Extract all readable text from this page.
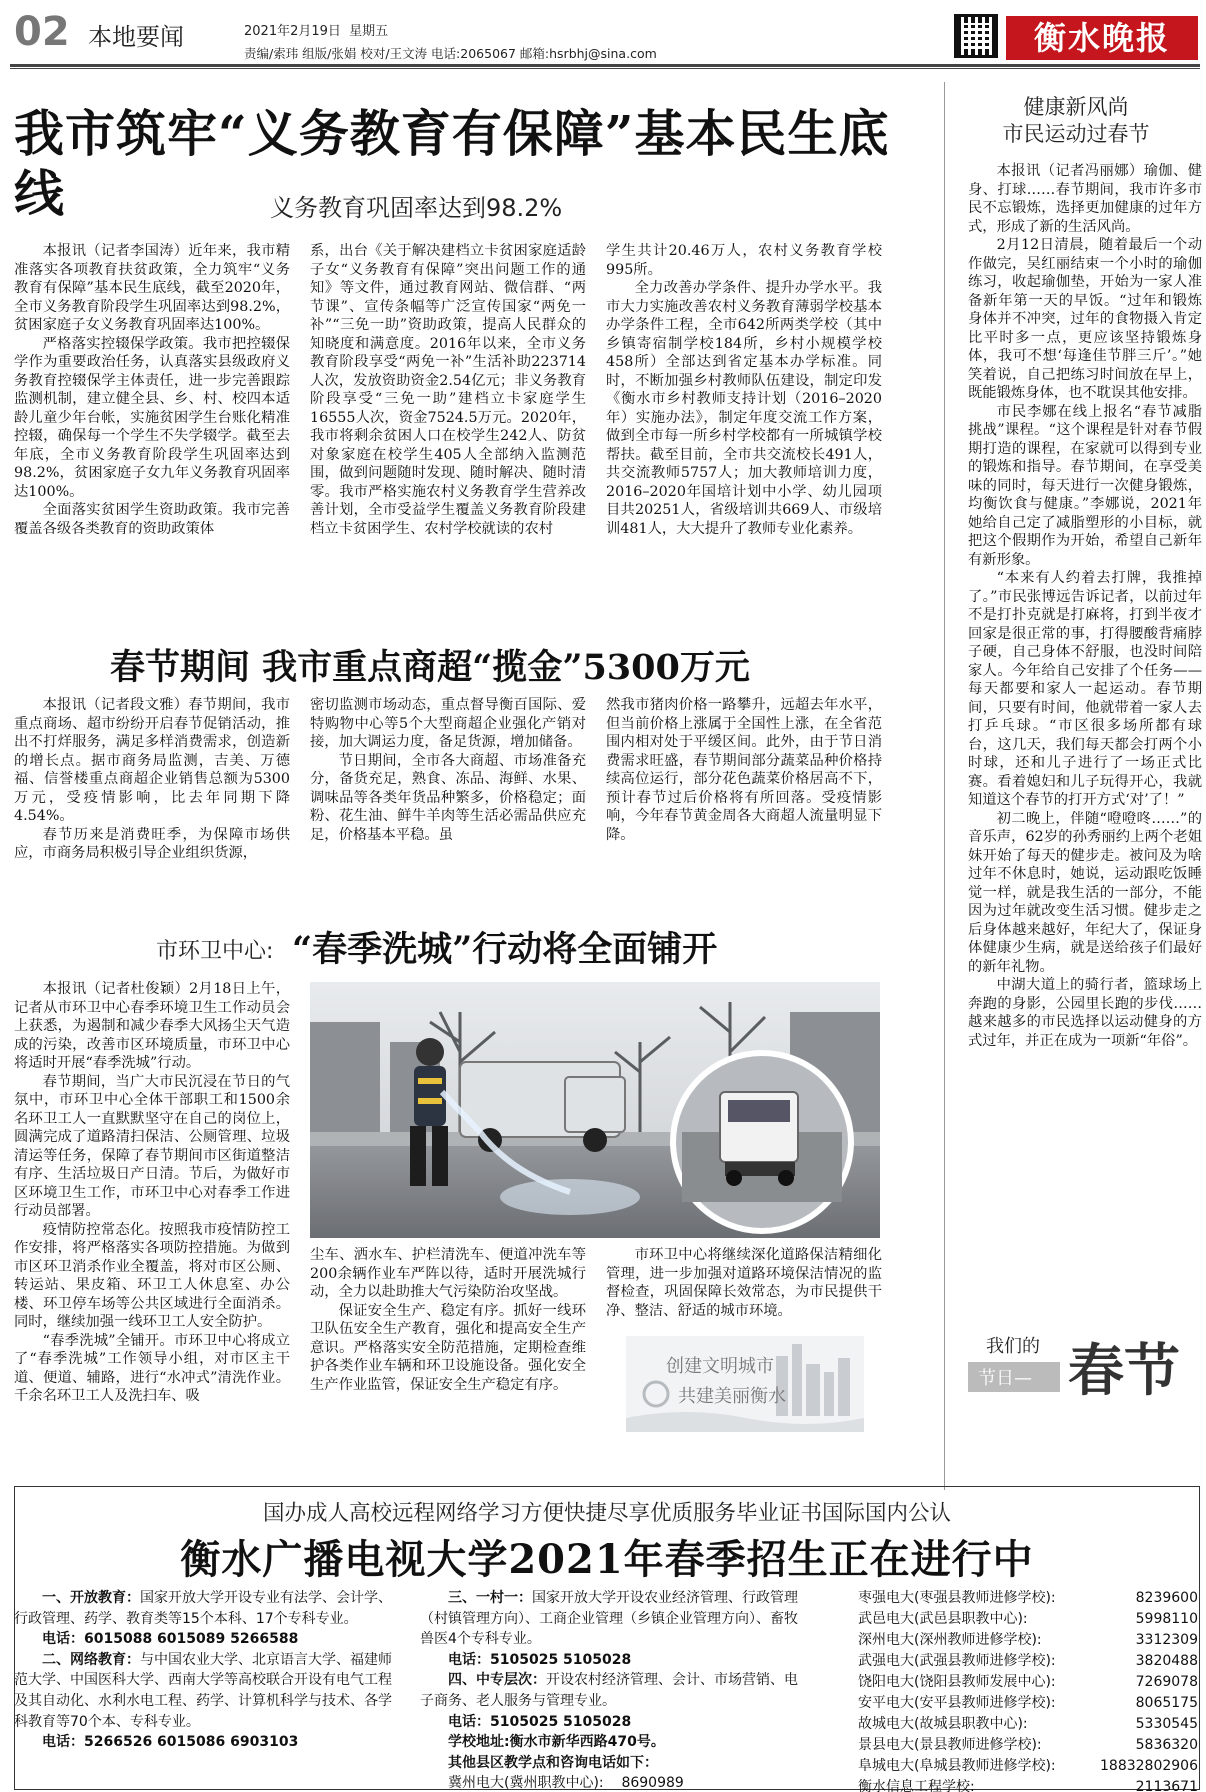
02 本地要闻	2021年2月19日 星期五
责编/索玮 组版/张娟 校对/王文涛 电话:2065067 邮箱:hsrbhj@sina.com	衡水晚报
我市筑牢“义务教育有保障”基本民生底线	义务教育巩固率达到98.2%

本报讯（记者李国涛）近年来，我市精准落实各项教育扶贫政策，全力筑牢“义务教育有保障”基本民生底线，截至2020年，全市义务教育阶段学生巩固率达到98.2%，贫困家庭子女义务教育巩固率达100%。

严格落实控辍保学政策。我市把控辍保学作为重要政治任务，认真落实县级政府义务教育控辍保学主体责任，进一步完善跟踪监测机制，建立健全县、乡、村、校四本适龄儿童少年台帐，实施贫困学生台账化精准控辍，确保每一个学生不失学辍学。截至去年底，全市义务教育阶段学生巩固率达到98.2%，贫困家庭子女九年义务教育巩固率达100%。

全面落实贫困学生资助政策。我市完善覆盖各级各类教育的资助政策体

系，出台《关于解决建档立卡贫困家庭适龄子女“义务教育有保障”突出问题工作的通知》等文件，通过教育网站、微信群、“两节课”、宣传条幅等广泛宣传国家“两免一补”“三免一助”资助政策，提高人民群众的知晓度和满意度。2016年以来，全市义务教育阶段享受“两免一补”生活补助223714人次，发放资助资金2.54亿元；非义务教育阶段享受“三免一助”建档立卡家庭学生16555人次，资金7524.5万元。2020年，我市将剩余贫困人口在校学生242人、防贫对象家庭在校学生405人全部纳入监测范围，做到问题随时发现、随时解决、随时清零。我市严格实施农村义务教育学生营养改善计划，全市受益学生覆盖义务教育阶段建档立卡贫困学生、农村学校就读的农村

学生共计20.46万人，农村义务教育学校995所。

全力改善办学条件、提升办学水平。我市大力实施改善农村义务教育薄弱学校基本办学条件工程，全市642所两类学校（其中乡镇寄宿制学校184所，乡村小规模学校458所）全部达到省定基本办学标准。同时，不断加强乡村教师队伍建设，制定印发《衡水市乡村教师支持计划（2016–2020年）实施办法》，制定年度交流工作方案，做到全市每一所乡村学校都有一所城镇学校帮扶。截至目前，全市共交流校长491人，共交流教师5757人；加大教师培训力度，2016–2020年国培计划中小学、幼儿园项目共20251人，省级培训共669人、市级培训481人，大大提升了教师专业化素养。

春节期间 我市重点商超“揽金”5300万元

本报讯（记者段文雅）春节期间，我市重点商场、超市纷纷开启春节促销活动，推出不打烊服务，满足多样消费需求，创造新的增长点。据市商务局监测，吉美、万德福、信誉楼重点商超企业销售总额为5300万元，受疫情影响，比去年同期下降4.54%。

春节历来是消费旺季，为保障市场供应，市商务局积极引导企业组织货源，

密切监测市场动态，重点督导衡百国际、爱特购物中心等5个大型商超企业强化产销对接，加大调运力度，备足货源，增加储备。

节日期间，全市各大商超、市场准备充分，备货充足，熟食、冻品、海鲜、水果、调味品等各类年货品种繁多，价格稳定；面粉、花生油、鲜牛羊肉等生活必需品供应充足，价格基本平稳。虽

然我市猪肉价格一路攀升，远超去年水平，但当前价格上涨属于全国性上涨，在全省范围内相对处于平缓区间。此外，由于节日消费需求旺盛，春节期间部分蔬菜品种价格持续高位运行，部分花色蔬菜价格居高不下，预计春节过后价格将有所回落。受疫情影响，今年春节黄金周各大商超人流量明显下降。

市环卫中心: “春季洗城”行动将全面铺开

本报讯（记者杜俊颖）2月18日上午，记者从市环卫中心春季环境卫生工作动员会上获悉，为遏制和减少春季大风扬尘天气造成的污染，改善市区环境质量，市环卫中心将适时开展“春季洗城”行动。

春节期间，当广大市民沉浸在节日的气氛中，市环卫中心全体干部职工和1500余名环卫工人一直默默坚守在自己的岗位上，圆满完成了道路清扫保洁、公厕管理、垃圾清运等任务，保障了春节期间市区街道整洁有序、生活垃圾日产日清。节后，为做好市区环境卫生工作，市环卫中心对春季工作进行动员部署。

疫情防控常态化。按照我市疫情防控工作安排，将严格落实各项防控措施。为做到市区环卫消杀作业全覆盖，将对市区公厕、转运站、果皮箱、环卫工人休息室、办公楼、环卫停车场等公共区域进行全面消杀。同时，继续加强一线环卫工人安全防护。

“春季洗城”全铺开。市环卫中心将成立了“春季洗城”工作领导小组，对市区主干道、便道、辅路，进行“水冲式”清洗作业。千余名环卫工人及洗扫车、吸

尘车、洒水车、护栏清洗车、便道冲洗车等200余辆作业车严阵以待，适时开展洗城行动，全力以赴助推大气污染防治攻坚战。

保证安全生产、稳定有序。抓好一线环卫队伍安全生产教育，强化和提高安全生产意识。严格落实安全防范措施，定期检查维护各类作业车辆和环卫设施设备。强化安全生产作业监管，保证安全生产稳定有序。

市环卫中心将继续深化道路保洁精细化管理，进一步加强对道路环境保洁情况的监督检查，巩固保障长效常态，为市民提供干净、整洁、舒适的城市环境。

创建文明城市
共建美丽衡水
健康新风尚
市民运动过春节

本报讯（记者冯丽娜）瑜伽、健身、打球……春节期间，我市许多市民不忘锻炼，选择更加健康的过年方式，形成了新的生活风尚。

2月12日清晨，随着最后一个动作做完，吴红丽结束一个小时的瑜伽练习，收起瑜伽垫，开始为一家人准备新年第一天的早饭。“过年和锻炼身体并不冲突，过年的食物摄入肯定比平时多一点，更应该坚持锻炼身体，我可不想‘每逢佳节胖三斤’。”她笑着说，自己把练习时间放在早上，既能锻炼身体，也不耽误其他安排。

市民李娜在线上报名“春节减脂挑战”课程。“这个课程是针对春节假期打造的课程，在家就可以得到专业的锻炼和指导。春节期间，在享受美味的同时，每天进行一次健身锻炼，均衡饮食与健康。”李娜说，2021年她给自己定了减脂塑形的小目标，就把这个假期作为开始，希望自己新年有新形象。

“本来有人约着去打牌，我推掉了。”市民张博远告诉记者，以前过年不是打扑克就是打麻将，打到半夜才回家是很正常的事，打得腰酸背痛脖子硬，自己身体不舒服，也没时间陪家人。今年给自己安排了个任务——每天都要和家人一起运动。春节期间，只要有时间，他就带着一家人去打乒乓球。“市区很多场所都有球台，这几天，我们每天都会打两个小时球，还和儿子进行了一场正式比赛。看着媳妇和儿子玩得开心，我就知道这个春节的打开方式‘对’了！”

初二晚上，伴随“噔噔咚……”的音乐声，62岁的孙秀丽约上两个老姐妹开始了每天的健步走。被问及为啥过年不休息时，她说，运动跟吃饭睡觉一样，就是我生活的一部分，不能因为过年就改变生活习惯。健步走之后身体越来越好，年纪大了，保证身体健康少生病，就是送给孩子们最好的新年礼物。

中湖大道上的骑行者，篮球场上奔跑的身影，公园里长跑的步伐……越来越多的市民选择以运动健身的方式过年，并正在成为一项新“年俗”。

我们的
节日— 春节
国办成人高校远程网络学习方便快捷尽享优质服务毕业证书国际国内公认
衡水广播电视大学2021年春季招生正在进行中
一、开放教育：国家开放大学开设专业有法学、会计学、行政管理、药学、教育类等15个本科、17个专科专业。
电话：6015088 6015089 5266588
二、网络教育：与中国农业大学、北京语言大学、福建师范大学、中国医科大学、西南大学等高校联合开设有电气工程及其自动化、水利水电工程、药学、计算机科学与技术、各学科教育等70个本、专科专业。
电话：5266526 6015086 6903103
三、一村一：国家开放大学开设农业经济管理、行政管理（村镇管理方向）、工商企业管理（乡镇企业管理方向）、畜牧兽医4个专科专业。
电话：5105025 5105028
四、中专层次：开设农村经济管理、会计、市场营销、电子商务、老人服务与管理专业。
电话：5105025 5105028
学校地址:衡水市新华西路470号。
其他县区教学点和咨询电话如下：
冀州电大(冀州职教中心): 8690989
枣强电大(枣强县教师进修学校):	8239600
武邑电大(武邑县职教中心):	5998110
深州电大(深州教师进修学校):	3312309
武强电大(武强县教师进修学校):	3820488
饶阳电大(饶阳县教师发展中心):	7269078
安平电大(安平县教师进修学校):	8065175
故城电大(故城县职教中心):	5330545
景县电大(景县教师进修学校):	5836320
阜城电大(阜城县教师进修学校):	18832802906
衡水信息工程学校:	2113671
